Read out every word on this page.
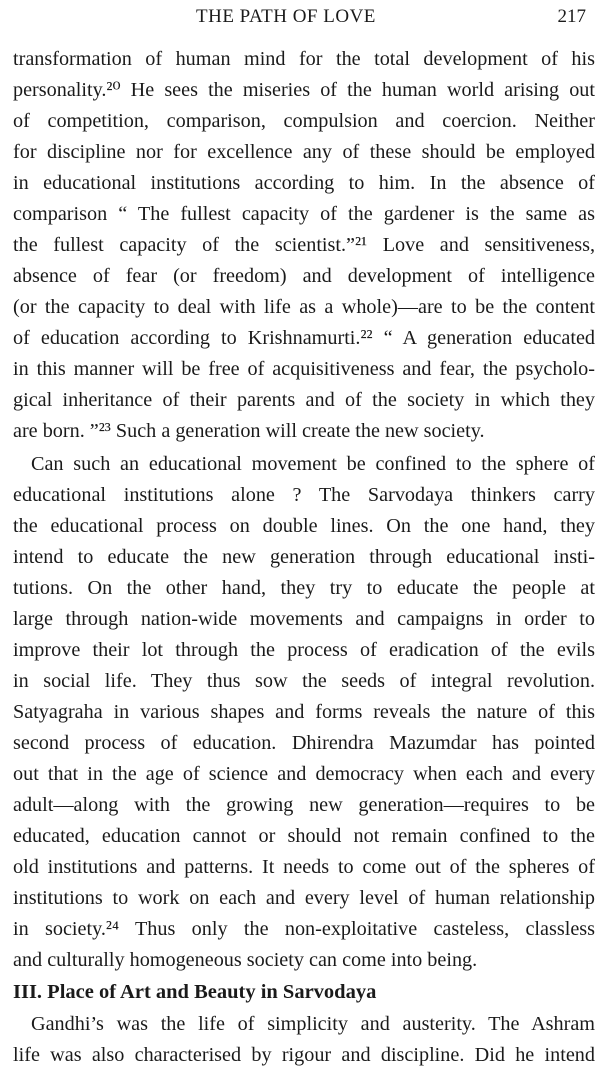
THE PATH OF LOVE	217
transformation of human mind for the total development of his
personality.²⁰ He sees the miseries of the human world arising out
of competition, comparison, compulsion and coercion. Neither
for discipline nor for excellence any of these should be employed
in educational institutions according to him. In the absence of
comparison “ The fullest capacity of the gardener is the same as
the fullest capacity of the scientist.”²¹ Love and sensitiveness,
absence of fear (or freedom) and development of intelligence
(or the capacity to deal with life as a whole)—are to be the content
of education according to Krishnamurti.²² “ A generation educated
in this manner will be free of acquisitiveness and fear, the psycholo-
gical inheritance of their parents and of the society in which they
are born. ”²³ Such a generation will create the new society.
Can such an educational movement be confined to the sphere of
educational institutions alone ? The Sarvodaya thinkers carry
the educational process on double lines. On the one hand, they
intend to educate the new generation through educational insti-
tutions. On the other hand, they try to educate the people at
large through nation-wide movements and campaigns in order to
improve their lot through the process of eradication of the evils
in social life. They thus sow the seeds of integral revolution.
Satyagraha in various shapes and forms reveals the nature of this
second process of education. Dhirendra Mazumdar has pointed
out that in the age of science and democracy when each and every
adult—along with the growing new generation—requires to be
educated, education cannot or should not remain confined to the
old institutions and patterns. It needs to come out of the spheres of
institutions to work on each and every level of human relationship
in society.²⁴ Thus only the non-exploitative casteless, classless
and culturally homogeneous society can come into being.
III. Place of Art and Beauty in Sarvodaya
Gandhi’s was the life of simplicity and austerity. The Ashram
life was also characterised by rigour and discipline. Did he intend
